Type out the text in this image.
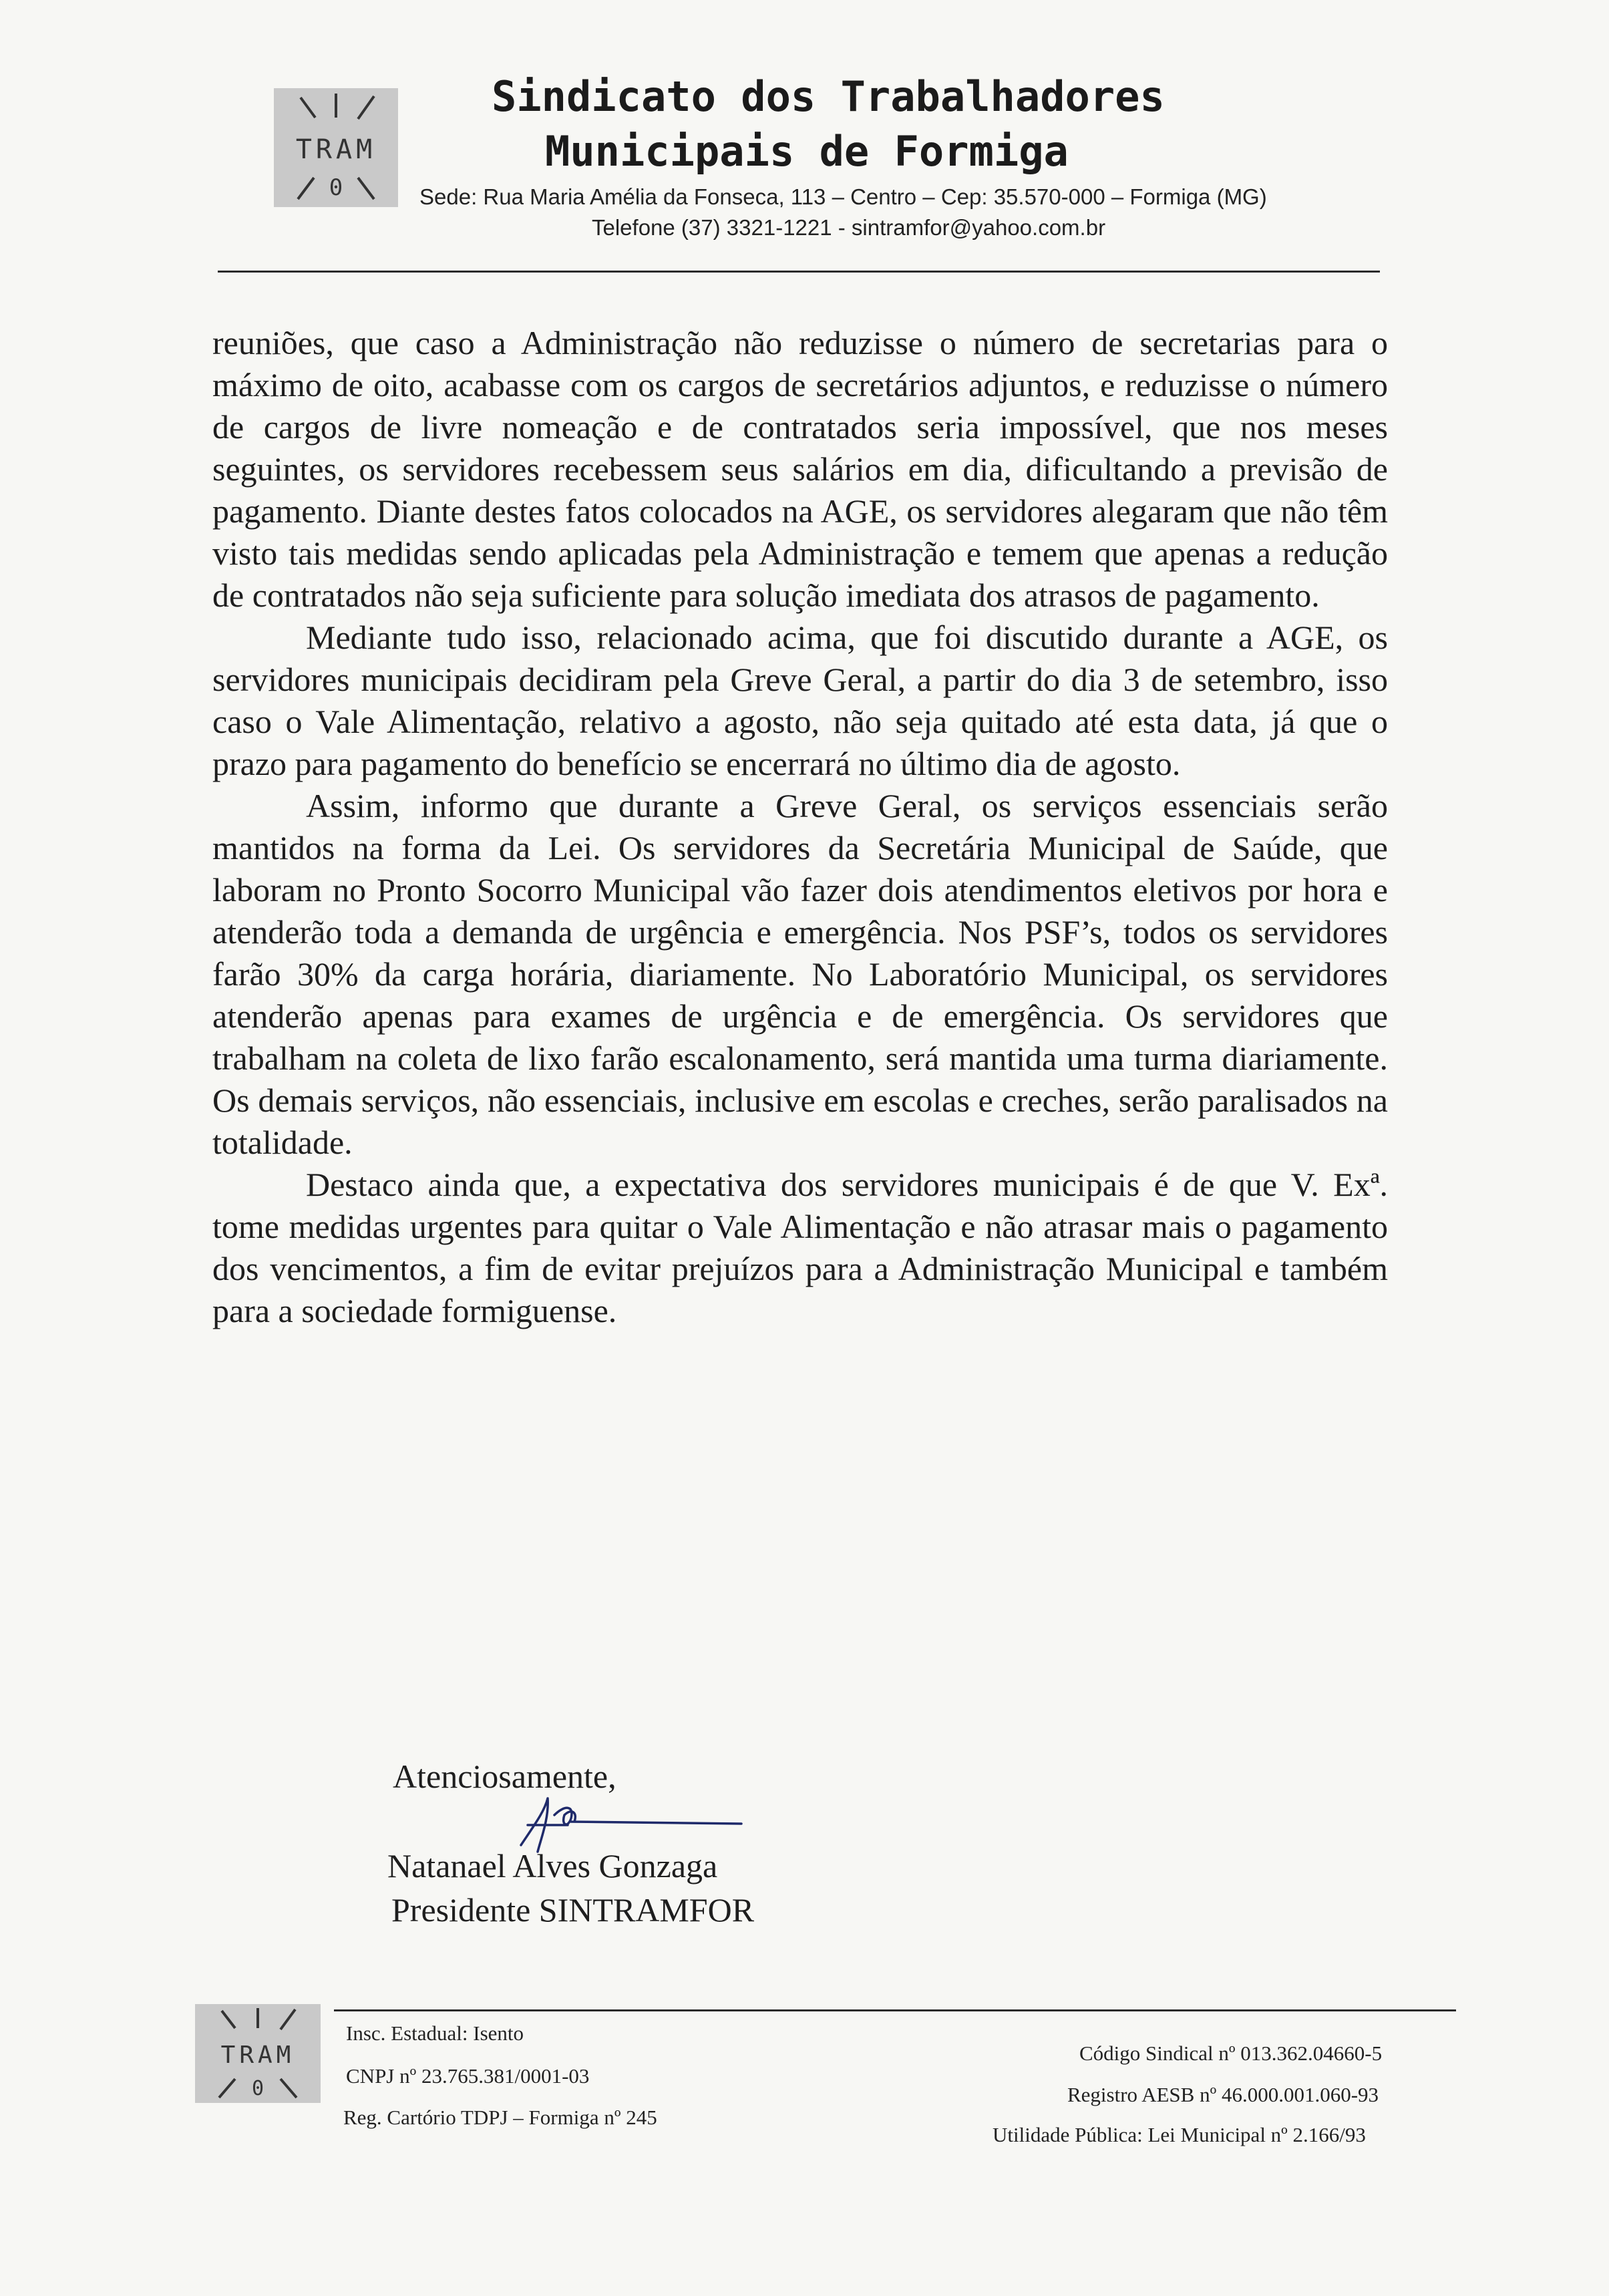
TRAM
0
Sindicato dos Trabalhadores
Municipais de Formiga
Sede: Rua Maria Amélia da Fonseca, 113 – Centro – Cep: 35.570-000 – Formiga (MG)
Telefone (37) 3321-1221 - sintramfor@yahoo.com.br

reuniões, que caso a Administração não reduzisse o número de secretarias para o máximo de oito, acabasse com os cargos de secretários adjuntos, e reduzisse o número de cargos de livre nomeação e de contratados seria impossível, que nos meses seguintes, os servidores recebessem seus salários em dia, dificultando a previsão de pagamento. Diante destes fatos colocados na AGE, os servidores alegaram que não têm visto tais medidas sendo aplicadas pela Administração e temem que apenas a redução de contratados não seja suficiente para solução imediata dos atrasos de pagamento.

Mediante tudo isso, relacionado acima, que foi discutido durante a AGE, os servidores municipais decidiram pela Greve Geral, a partir do dia 3 de setembro, isso caso o Vale Alimentação, relativo a agosto, não seja quitado até esta data, já que o prazo para pagamento do benefício se encerrará no último dia de agosto.

Assim, informo que durante a Greve Geral, os serviços essenciais serão mantidos na forma da Lei. Os servidores da Secretária Municipal de Saúde, que laboram no Pronto Socorro Municipal vão fazer dois atendimentos eletivos por hora e atenderão toda a demanda de urgência e emergência. Nos PSF’s, todos os servidores farão 30% da carga horária, diariamente. No Laboratório Municipal, os servidores atenderão apenas para exames de urgência e de emergência. Os servidores que trabalham na coleta de lixo farão escalonamento, será mantida uma turma diariamente. Os demais serviços, não essenciais, inclusive em escolas e creches, serão paralisados na totalidade.

Destaco ainda que, a expectativa dos servidores municipais é de que V. Exª. tome medidas urgentes para quitar o Vale Alimentação e não atrasar mais o pagamento dos vencimentos, a fim de evitar prejuízos para a Administração Municipal e também para a sociedade formiguense.

Atenciosamente,
Natanael Alves Gonzaga
Presidente SINTRAMFOR
TRAM
0
Insc. Estadual: Isento
CNPJ nº 23.765.381/0001-03
Reg. Cartório TDPJ – Formiga nº 245
Código Sindical nº 013.362.04660-5
Registro AESB nº 46.000.001.060-93
Utilidade Pública: Lei Municipal nº 2.166/93
